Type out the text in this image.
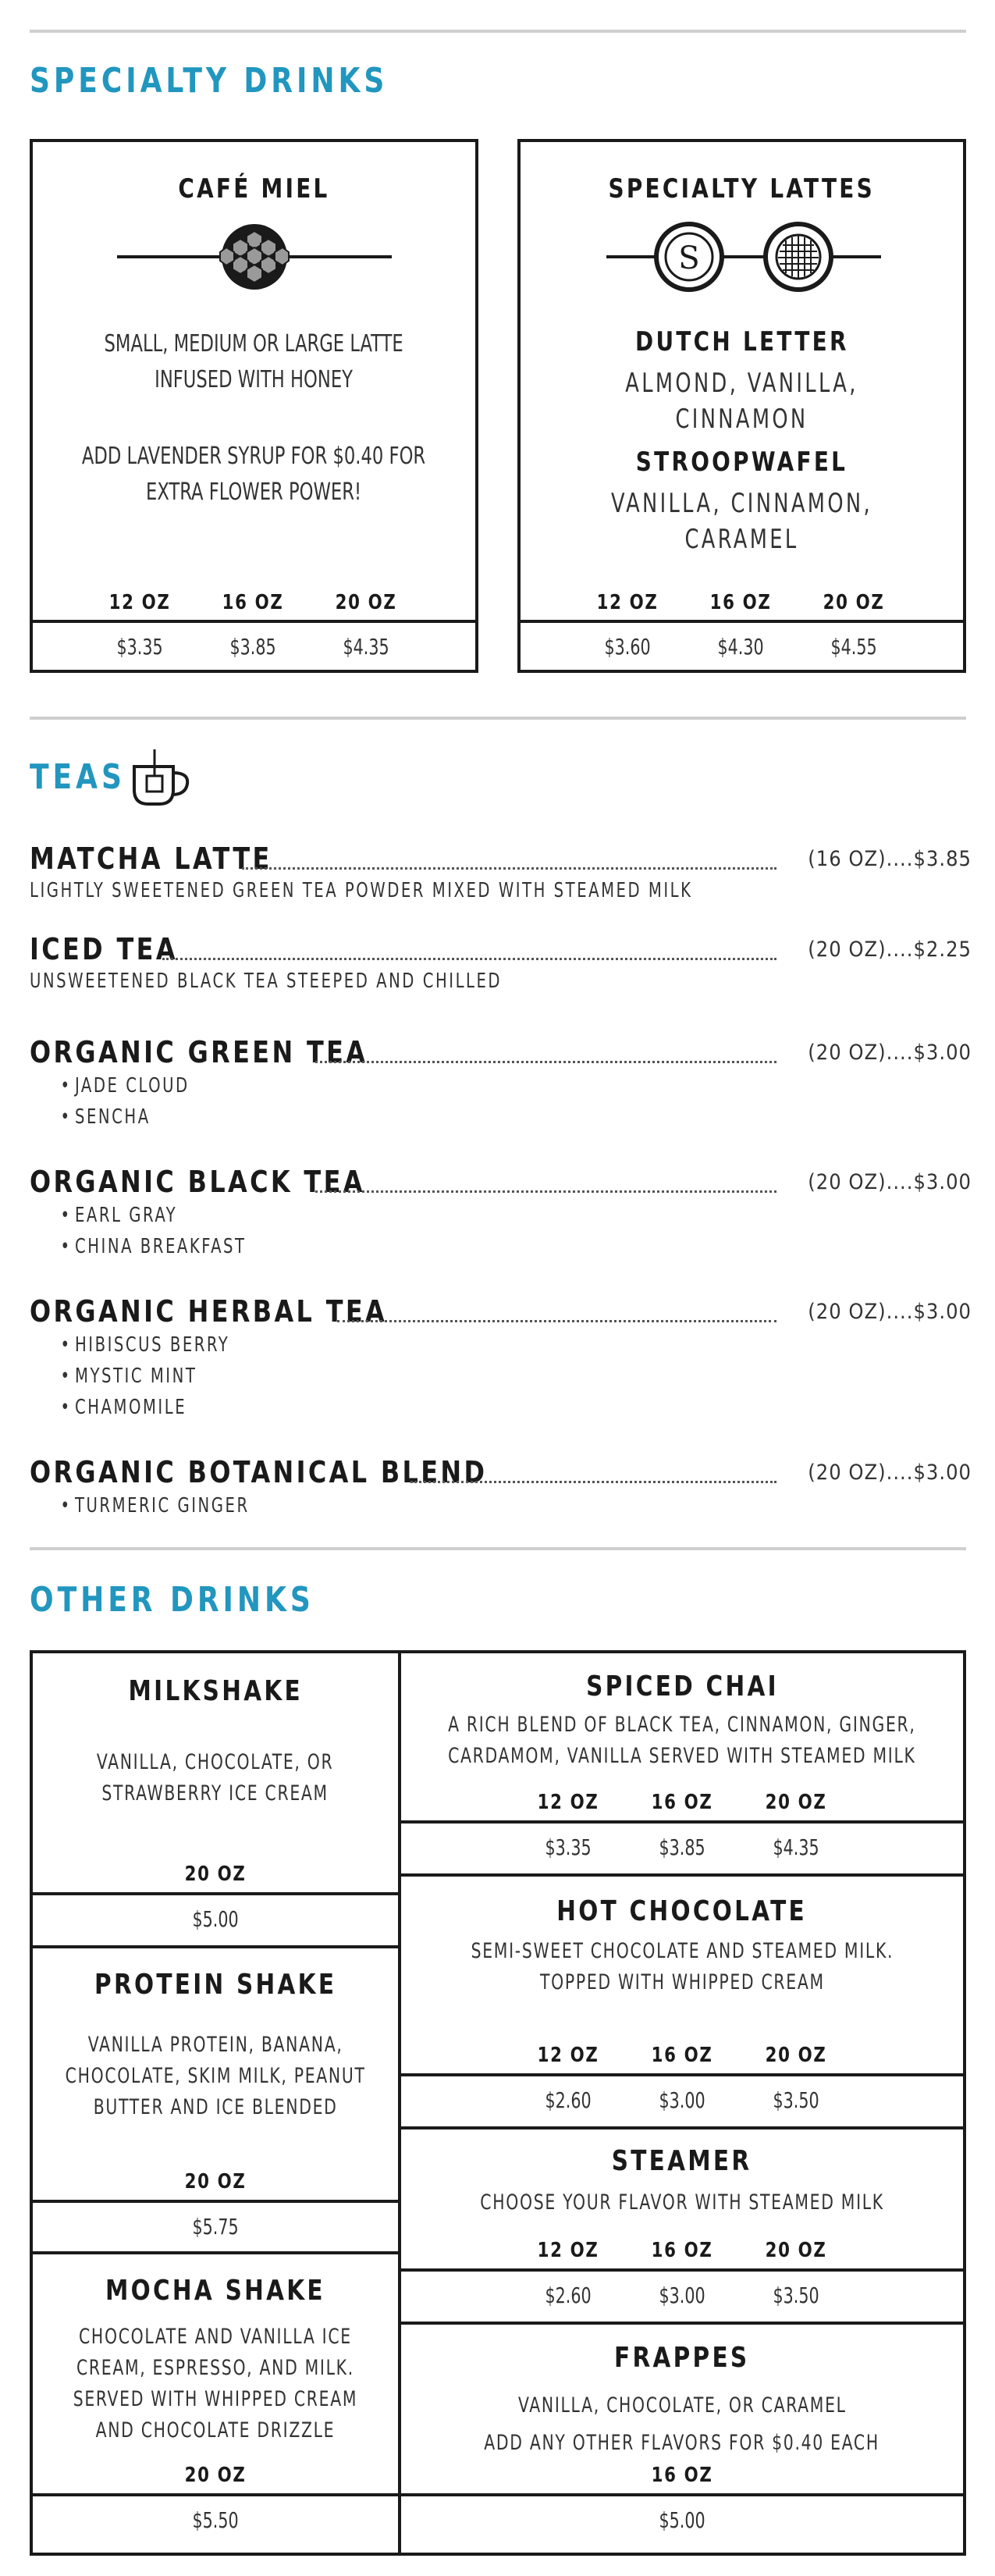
SPECIALTY DRINKS
CAFÉ MIEL
SMALL, MEDIUM OR LARGE LATTE
INFUSED WITH HONEY
ADD LAVENDER SYRUP FOR $0.40 FOR
EXTRA FLOWER POWER!
12 OZ	16 OZ	20 OZ
$3.35	$3.85	$4.35
SPECIALTY LATTES
S
DUTCH LETTER
ALMOND, VANILLA, CINNAMON
STROOPWAFEL
VANILLA, CINNAMON, CARAMEL
12 OZ	16 OZ	20 OZ
$3.60	$4.30	$4.55
TEAS
MATCHA LATTE	(16 OZ)....$3.85
LIGHTLY SWEETENED GREEN TEA POWDER MIXED WITH STEAMED MILK
ICED TEA	(20 OZ)....$2.25
UNSWEETENED BLACK TEA STEEPED AND CHILLED
ORGANIC GREEN TEA	(20 OZ)....$3.00
• JADE CLOUD
• SENCHA
ORGANIC BLACK TEA	(20 OZ)....$3.00
• EARL GRAY
• CHINA BREAKFAST
ORGANIC HERBAL TEA	(20 OZ)....$3.00
• HIBISCUS BERRY
• MYSTIC MINT
• CHAMOMILE
ORGANIC BOTANICAL BLEND	(20 OZ)....$3.00
• TURMERIC GINGER
OTHER DRINKS
MILKSHAKE
VANILLA, CHOCOLATE, OR
STRAWBERRY ICE CREAM
20 OZ
$5.00
PROTEIN SHAKE
VANILLA PROTEIN, BANANA,
CHOCOLATE, SKIM MILK, PEANUT
BUTTER AND ICE BLENDED
20 OZ
$5.75
MOCHA SHAKE
CHOCOLATE AND VANILLA ICE
CREAM, ESPRESSO, AND MILK.
SERVED WITH WHIPPED CREAM
AND CHOCOLATE DRIZZLE
20 OZ
$5.50
SPICED CHAI
A RICH BLEND OF BLACK TEA, CINNAMON, GINGER,
CARDAMOM, VANILLA SERVED WITH STEAMED MILK
12 OZ	16 OZ	20 OZ
$3.35	$3.85	$4.35
HOT CHOCOLATE
SEMI-SWEET CHOCOLATE AND STEAMED MILK.
TOPPED WITH WHIPPED CREAM
12 OZ	16 OZ	20 OZ
$2.60	$3.00	$3.50
STEAMER
CHOOSE YOUR FLAVOR WITH STEAMED MILK
12 OZ	16 OZ	20 OZ
$2.60	$3.00	$3.50
FRAPPES
VANILLA, CHOCOLATE, OR CARAMEL
ADD ANY OTHER FLAVORS FOR $0.40 EACH
16 OZ
$5.00
